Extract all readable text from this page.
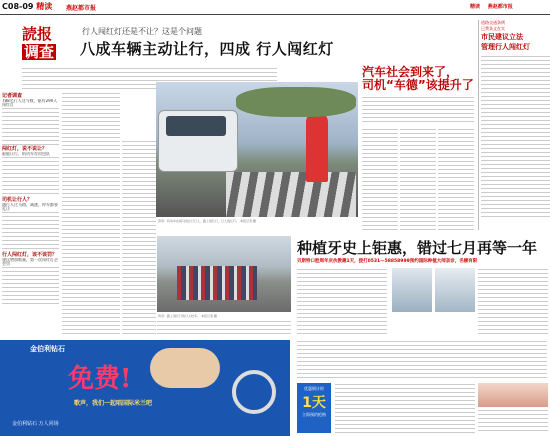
C08-09 精读 燕赵都市报	精读 燕赵都市报
読报
调查
行人闯红灯还是不让？这是个问题
八成车辆主动让行，四成 行人闯红灯
记者调查
788名行人这与数，驱有290人闯红灯
闯红灯，说不说让？
驱能让行，机动车存由包队
司机让行人？
遇行人过马路，减速，停车都要礼让
行人闯红灯，该不该罚？
建议增加数量，第一次闯红灯企会罚
资讯：机动车在斑马线让行行人，路上闯红灯，行人闯红灯。 本报记者 摄
汽车社会到来了，
司机“车德”该提升了
道路交通条例
已费条文在实
市民建议立法
管理行人闯红灯
资讯：路上闯红灯的行人较多。 本报记者 摄
金伯利钻石
免费!
歌声，我们一起唱国际米兰吧
金伯利钻石 万人同场
种植牙史上钜惠，错过七月再等一年
贝斯特口腔周年庆伙教趣1天，拨打0531—58858999预约国际种植大师亲诊，名额有限
优惠倒计时
1天
立即预约抢购
